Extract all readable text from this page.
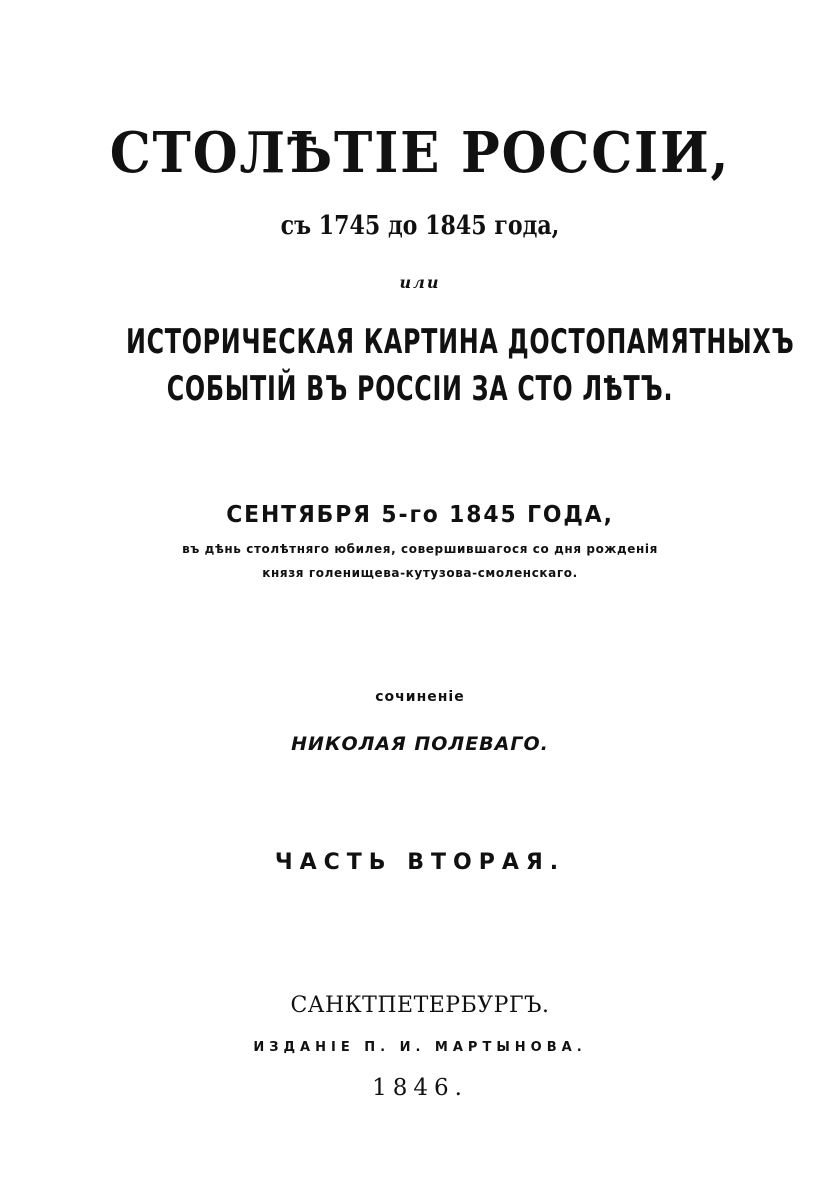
СТОЛѢТІЕ РОССІИ,
съ 1745 до 1845 года,
или
ИСТОРИЧЕСКАЯ КАРТИНА ДОСТОПАМЯТНЫХЪ
СОБЫТІЙ ВЪ РОССІИ ЗА СТО ЛѢТЪ.
СЕНТЯБРЯ 5-го 1845 ГОДА,
въ дѣнь столѣтняго юбилея, совершившагося со дня рожденія
князя голенищева-кутузова-смоленскаго.
сочиненіе
НИКОЛАЯ ПОЛЕВАГО.
ЧАСТЬ ВТОРАЯ.
САНКТПЕТЕРБУРГЪ.
ИЗДАНІЕ П. И. МАРТЫНОВА.
1846.
